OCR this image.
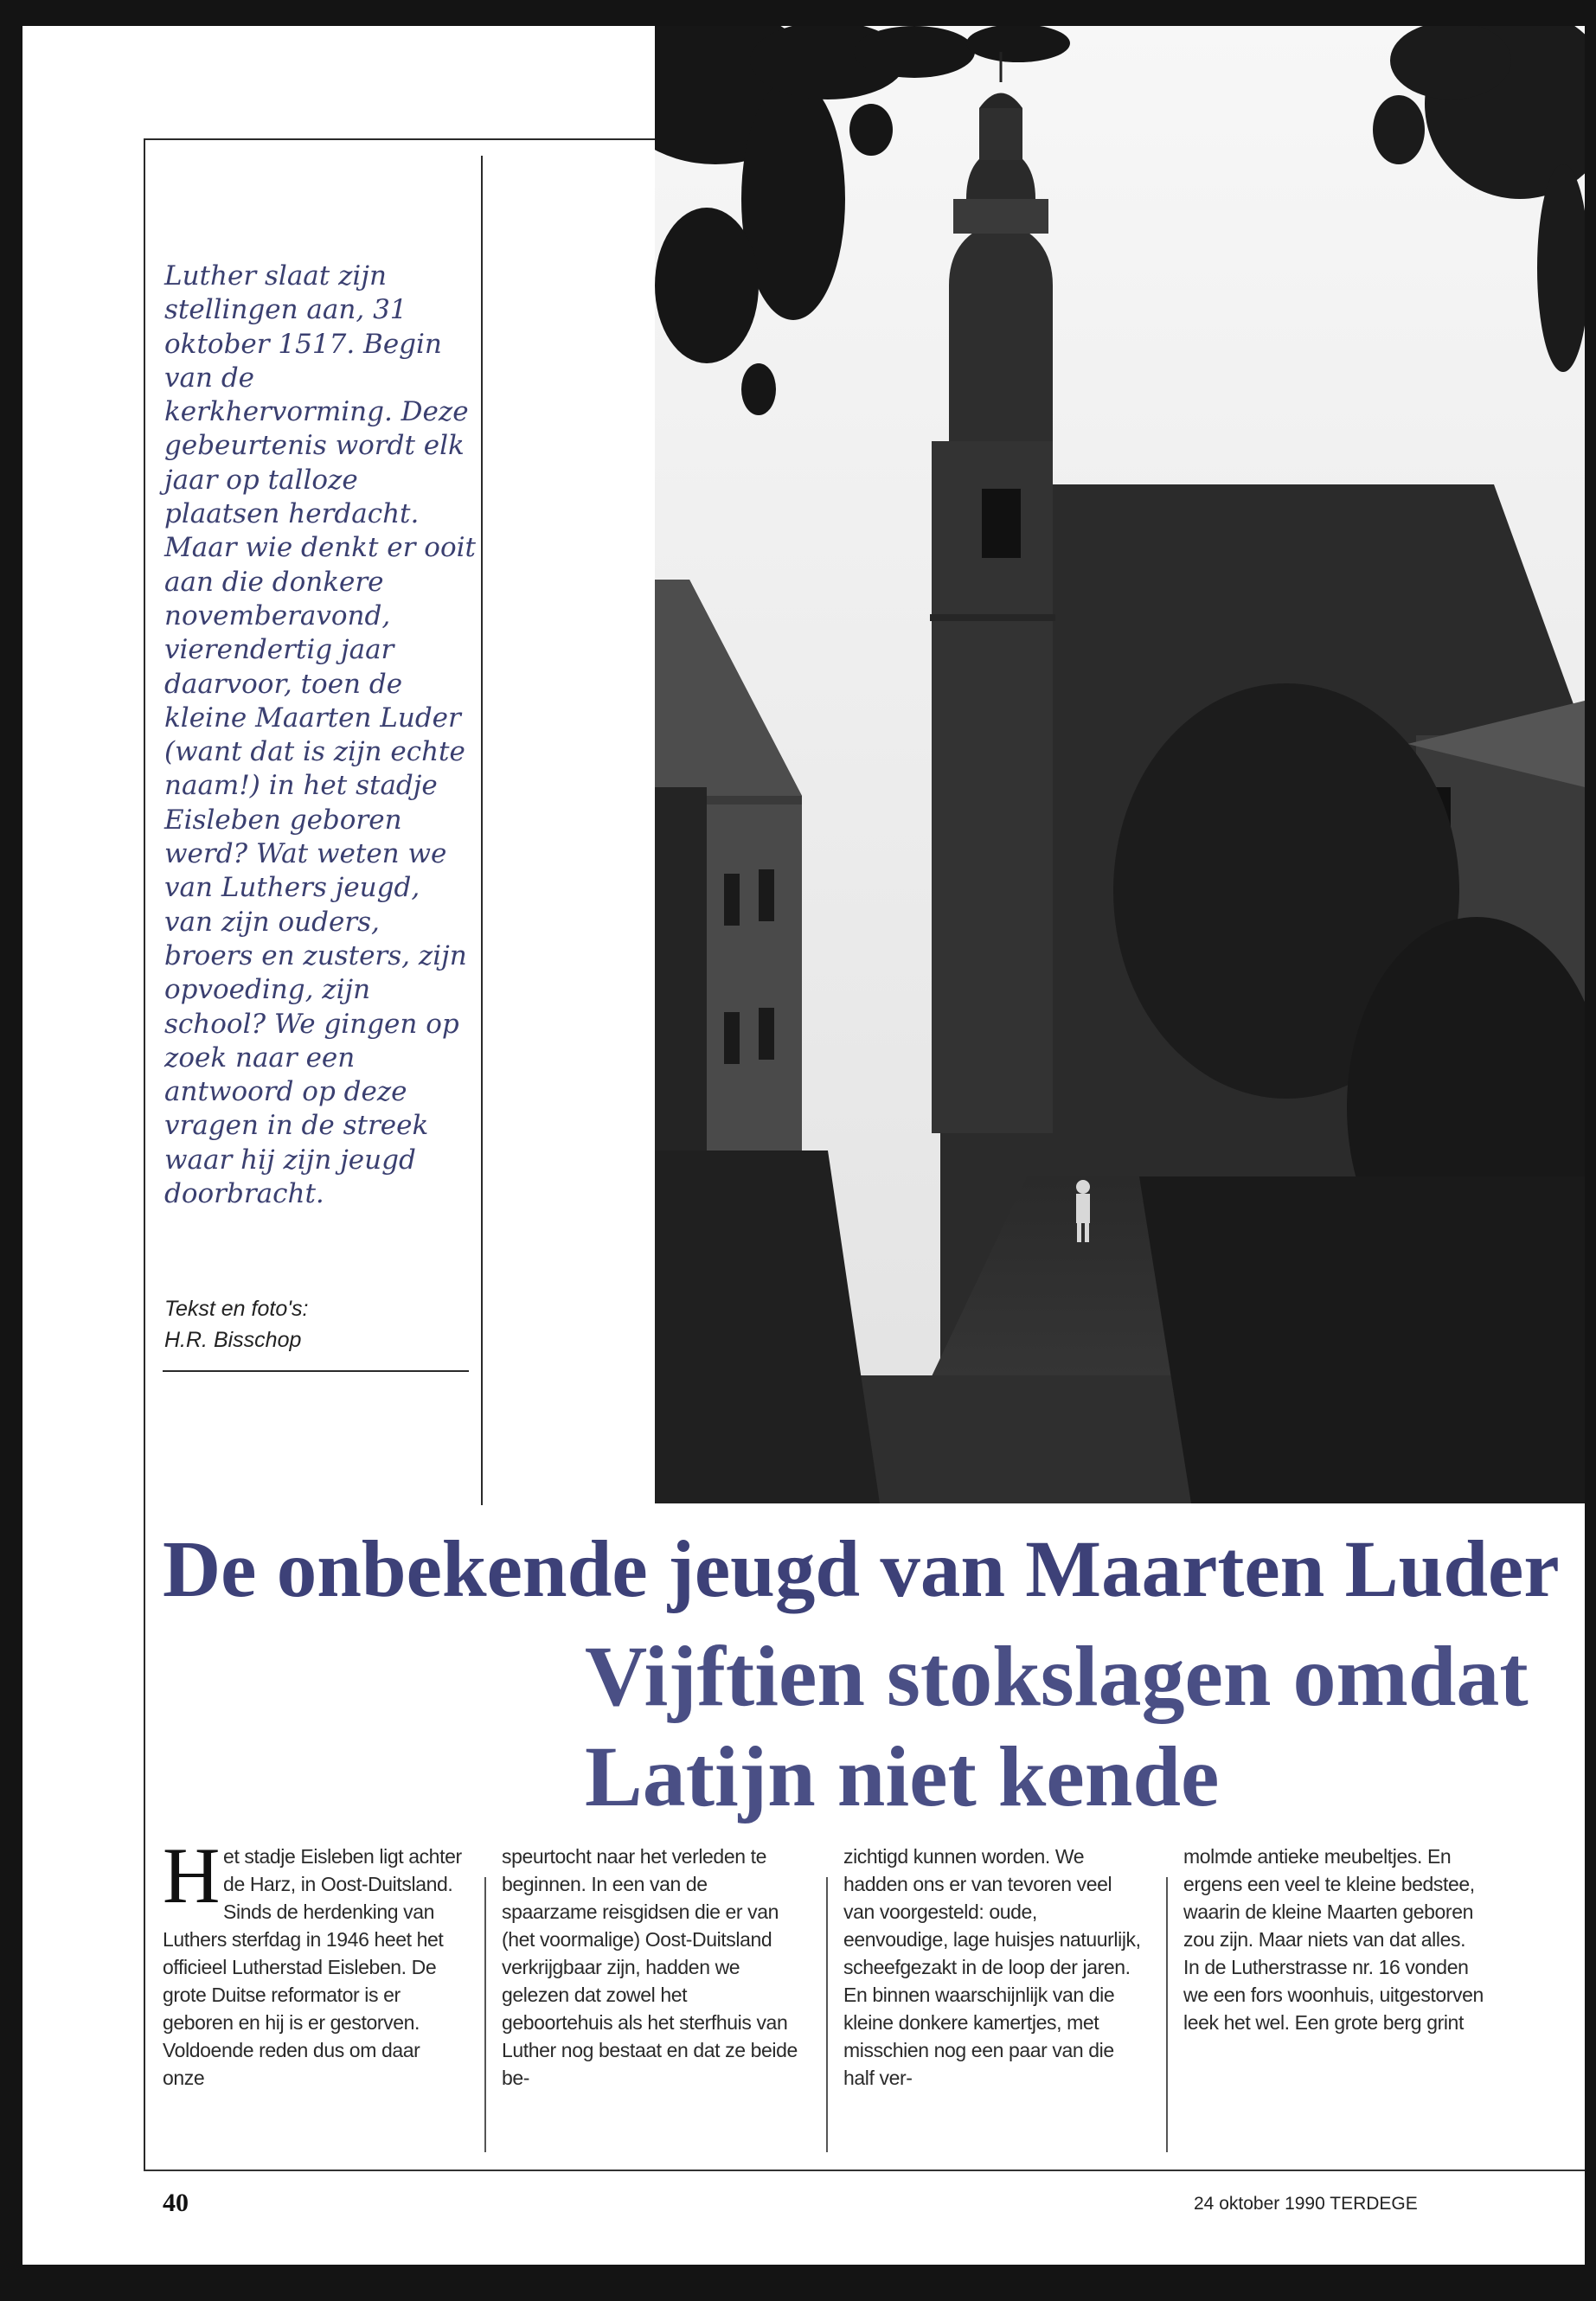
Luther slaat zijn stellingen aan, 31 oktober 1517. Begin van de kerkhervorming. Deze gebeurtenis wordt elk jaar op talloze plaatsen herdacht. Maar wie denkt er ooit aan die donkere novemberavond, vierendertig jaar daarvoor, toen de kleine Maarten Luder (want dat is zijn echte naam!) in het stadje Eisleben geboren werd? Wat weten we van Luthers jeugd, van zijn ouders, broers en zusters, zijn opvoeding, zijn school? We gingen op zoek naar een antwoord op deze vragen in de streek waar hij zijn jeugd doorbracht.

Tekst en foto's:
H.R. Bisschop

De onbekende jeugd van Maarten Luder
Vijftien stokslagen omdat
Latijn niet kende

Het stadje Eisleben ligt achter de Harz, in Oost-Duitsland. Sinds de herdenking van Luthers sterfdag in 1946 heet het officieel Lutherstad Eisleben. De grote Duitse reformator is er geboren en hij is er gestorven. Voldoende reden dus om daar onze

speurtocht naar het verleden te beginnen. In een van de spaarzame reisgidsen die er van (het voormalige) Oost-Duitsland verkrijgbaar zijn, hadden we gelezen dat zowel het geboortehuis als het sterfhuis van Luther nog bestaat en dat ze beide be-

zichtigd kunnen worden. We hadden ons er van tevoren veel van voorgesteld: oude, eenvoudige, lage huisjes natuurlijk, scheefgezakt in de loop der jaren. En binnen waarschijnlijk van die kleine donkere kamertjes, met misschien nog een paar van die half ver-

molmde antieke meubeltjes. En ergens een veel te kleine bedstee, waarin de kleine Maarten geboren zou zijn. Maar niets van dat alles. In de Lutherstrasse nr. 16 vonden we een fors woonhuis, uitgestorven leek het wel. Een grote berg grint

40	24 oktober 1990 TERDEGE
